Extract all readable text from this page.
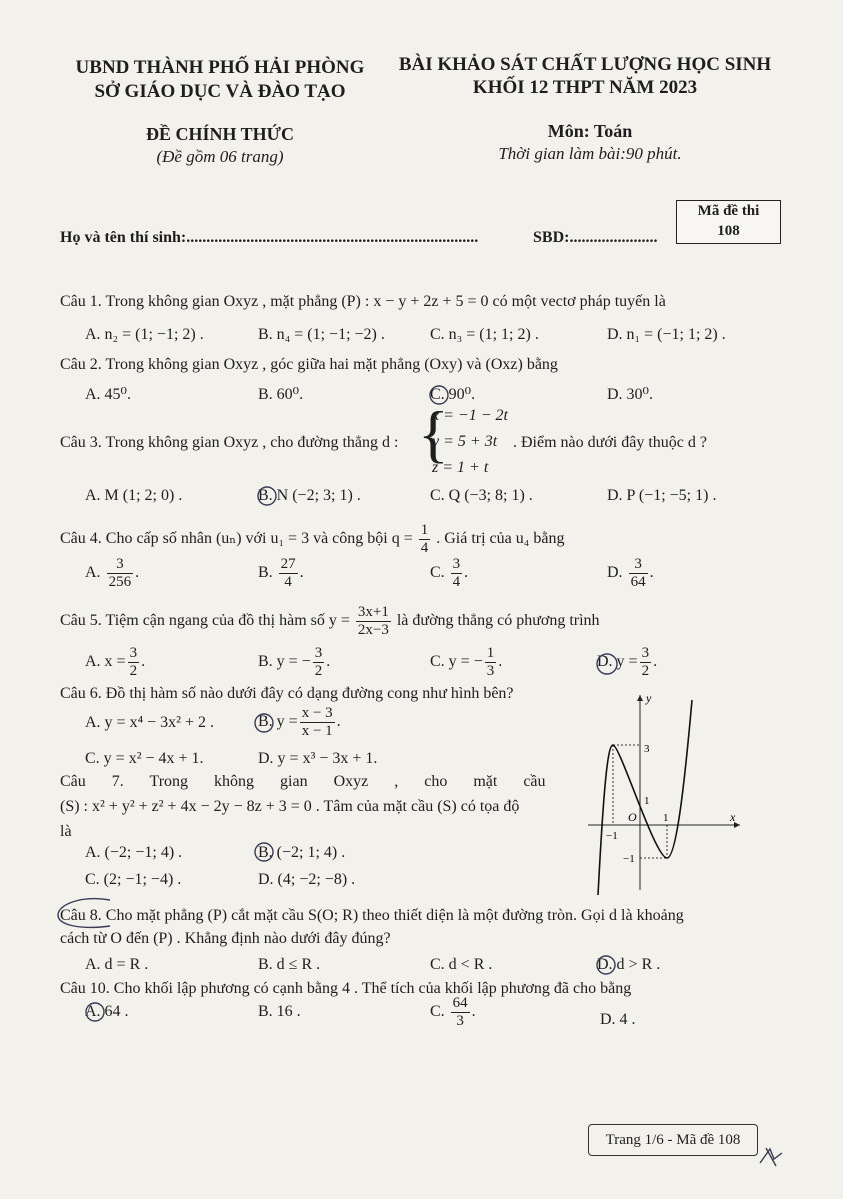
UBND THÀNH PHỐ HẢI PHÒNG
SỞ GIÁO DỤC VÀ ĐÀO TẠO
BÀI KHẢO SÁT CHẤT LƯỢNG HỌC SINH
KHỐI 12 THPT NĂM 2023
ĐỀ CHÍNH THỨC
(Đề gồm 06 trang)
Môn: Toán
Thời gian làm bài:90 phút.
Mã đề thi
108
Họ và tên thí sinh:.........................................................................	SBD:......................
Câu 1. Trong không gian Oxyz , mặt phẳng (P) : x − y + 2z + 5 = 0 có một vectơ pháp tuyến là
A. n₂ = (1; −1; 2) .	B. n₄ = (1; −1; −2) .	C. n₃ = (1; 1; 2) .	D. n₁ = (−1; 1; 2) .
Câu 2. Trong không gian Oxyz , góc giữa hai mặt phẳng (Oxy) và (Oxz) bằng
A. 45⁰.	B. 60⁰.	C. 90⁰.	D. 30⁰.
Câu 3. Trong không gian Oxyz , cho đường thẳng d : {
x = −1 − 2t
y = 5 + 3t
z = 1 + t
. Điểm nào dưới đây thuộc d ?
A. M (1; 2; 0) .	B. N (−2; 3; 1) .	C. Q (−3; 8; 1) .	D. P (−1; −5; 1) .
Câu 4. Cho cấp số nhân (uₙ) với u₁ = 3 và công bội $q = \frac{1}{4}$ . Giá trị của u₄ bằng
A. $\frac{3}{256}$ .	B. $\frac{27}{4}$ .	C. $\frac{3}{4}$ .	D. $\frac{3}{64}$ .
Câu 5. Tiệm cận ngang của đồ thị hàm số $y = \frac{3x+1}{2x-3}$ là đường thẳng có phương trình
A. $x = \frac{3}{2}$ .	B. y = − $\frac{3}{2}$ .	C. y = − $\frac{1}{3}$ .	D. $y = \frac{3}{2}$ .
Câu 6. Đồ thị hàm số nào dưới đây có dạng đường cong như hình bên?
A. y = x⁴ − 3x² + 2 .	B. $y = \frac{x - 3}{x - 1}$ .
C. y = x² − 4x + 1.	D. y = x³ − 3x + 1.
y
x
O
3
1
−1
1
−1
Câu 7. Trong không gian Oxyz , cho mặt cầu
(S) : x² + y² + z² + 4x − 2y − 8z + 3 = 0 . Tâm của mặt cầu (S) có tọa độ
là
A. (−2; −1; 4) .	B. (−2; 1; 4) .
C. (2; −1; −4) .	D. (4; −2; −8) .
Câu 8. Cho mặt phẳng (P) cắt mặt cầu S(O; R) theo thiết diện là một đường tròn. Gọi d là khoảng
cách từ O đến (P) . Khẳng định nào dưới đây đúng?
A. d = R .	B. d ≤ R .	C. d < R .	D. d > R .
Câu 10. Cho khối lập phương có cạnh bằng 4 . Thể tích của khối lập phương đã cho bằng
A. 64 .	B. 16 .	C. $\frac{64}{3}$ .	D. 4 .
Trang 1/6 - Mã đề 108
